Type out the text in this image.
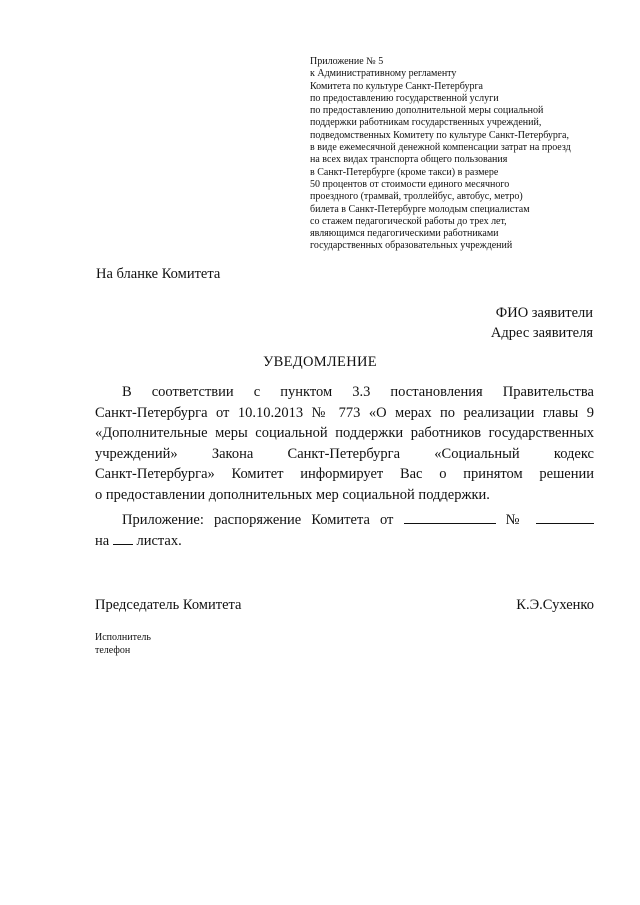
Приложение № 5
к Административному регламенту
Комитета по культуре Санкт-Петербурга
по предоставлению государственной услуги
по предоставлению дополнительной меры социальной
поддержки работникам государственных учреждений,
подведомственных Комитету по культуре Санкт-Петербурга,
в виде ежемесячной денежной компенсации затрат на проезд
на всех видах транспорта общего пользования
в Санкт-Петербурге (кроме такси) в размере
50 процентов от стоимости единого месячного
проездного (трамвай, троллейбус, автобус, метро)
билета в Санкт-Петербурге молодым специалистам
со стажем педагогической работы до трех лет,
являющимся педагогическими работниками
государственных образовательных учреждений
На бланке Комитета
ФИО заявители
Адрес заявителя
УВЕДОМЛЕНИЕ
В соответствии с пунктом 3.3 постановления Правительства
Санкт-Петербурга от 10.10.2013 № 773 «О мерах по реализации главы 9
«Дополнительные меры социальной поддержки работников государственных
учреждений» Закона Санкт-Петербурга «Социальный кодекс
Санкт-Петербурга» Комитет информирует Вас о принятом решении
о предоставлении дополнительных мер социальной поддержки.
Приложение: распоряжение Комитета от	№
на листах.
Председатель Комитета	К.Э.Сухенко
Исполнитель
телефон
